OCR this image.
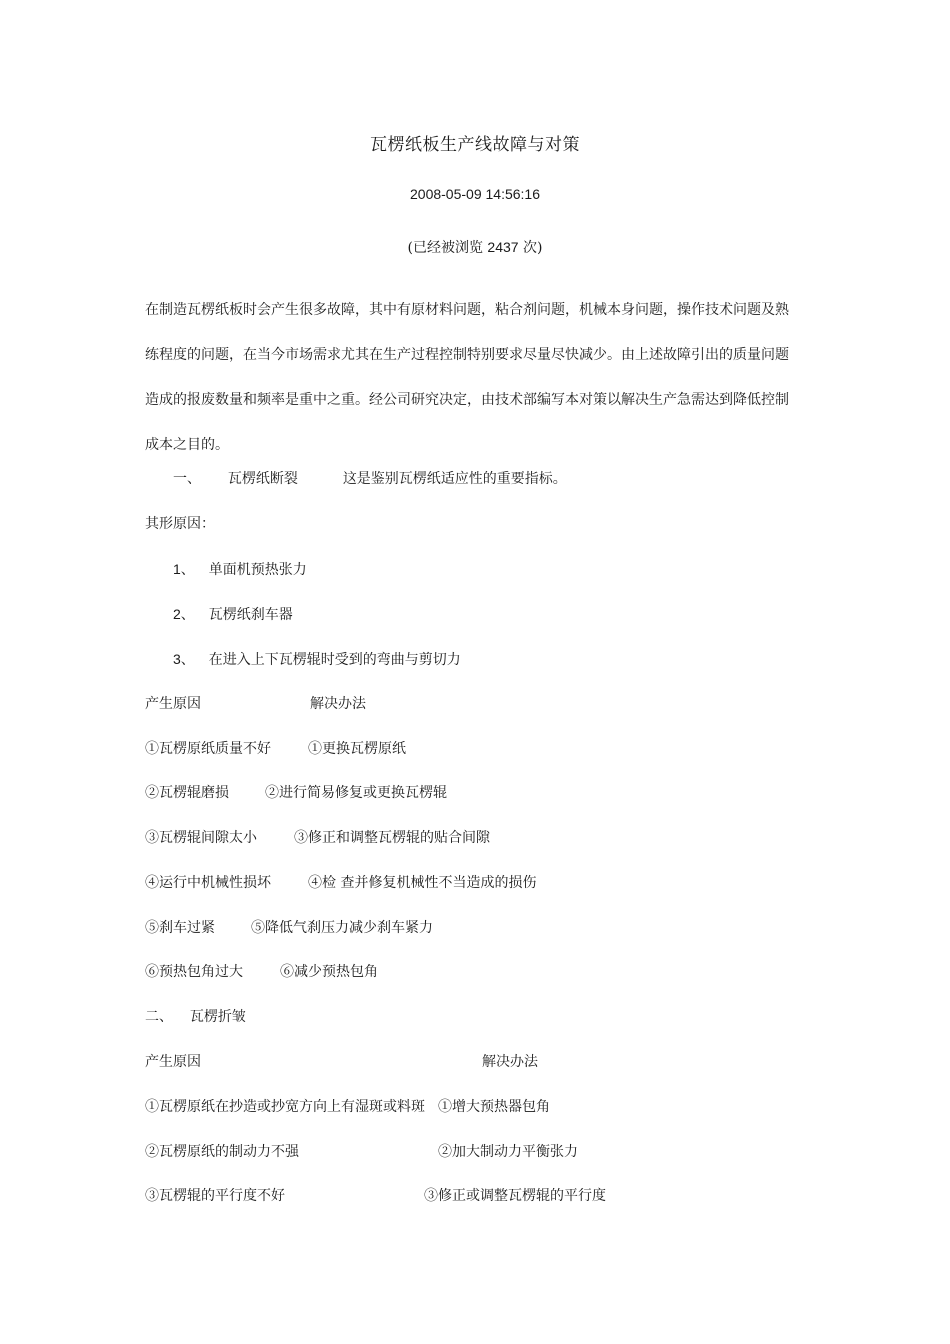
瓦楞纸板生产线故障与对策
2008-05-09 14:56:16
(已经被浏览 2437 次)

在制造瓦楞纸板时会产生很多故障，其中有原材料问题，粘合剂问题，机械本身问题，操作技术问题及熟

练程度的问题，在当今市场需求尤其在生产过程控制特别要求尽量尽快减少。由上述故障引出的质量问题

造成的报废数量和频率是重中之重。经公司研究决定，由技术部编写本对策以解决生产急需达到降低控制

成本之目的。

一、 瓦楞纸断裂	这是鉴别瓦楞纸适应性的重要指标。
其形原因：
1、 单面机预热张力
2、 瓦楞纸刹车器
3、 在进入上下瓦楞辊时受到的弯曲与剪切力
产生原因	解决办法
①瓦楞原纸质量不好	①更换瓦楞原纸
②瓦楞辊磨损	②进行简易修复或更换瓦楞辊
③瓦楞辊间隙太小	③修正和调整瓦楞辊的贴合间隙
④运行中机械性损坏	④检 查并修复机械性不当造成的损伤
⑤刹车过紧	⑤降低气刹压力减少刹车紧力
⑥预热包角过大	⑥减少预热包角
二、 瓦楞折皱
产生原因	解决办法
①瓦楞原纸在抄造或抄宽方向上有湿斑或料斑 ①增大预热器包角
②瓦楞原纸的制动力不强	②加大制动力平衡张力
③瓦楞辊的平行度不好	③修正或调整瓦楞辊的平行度
